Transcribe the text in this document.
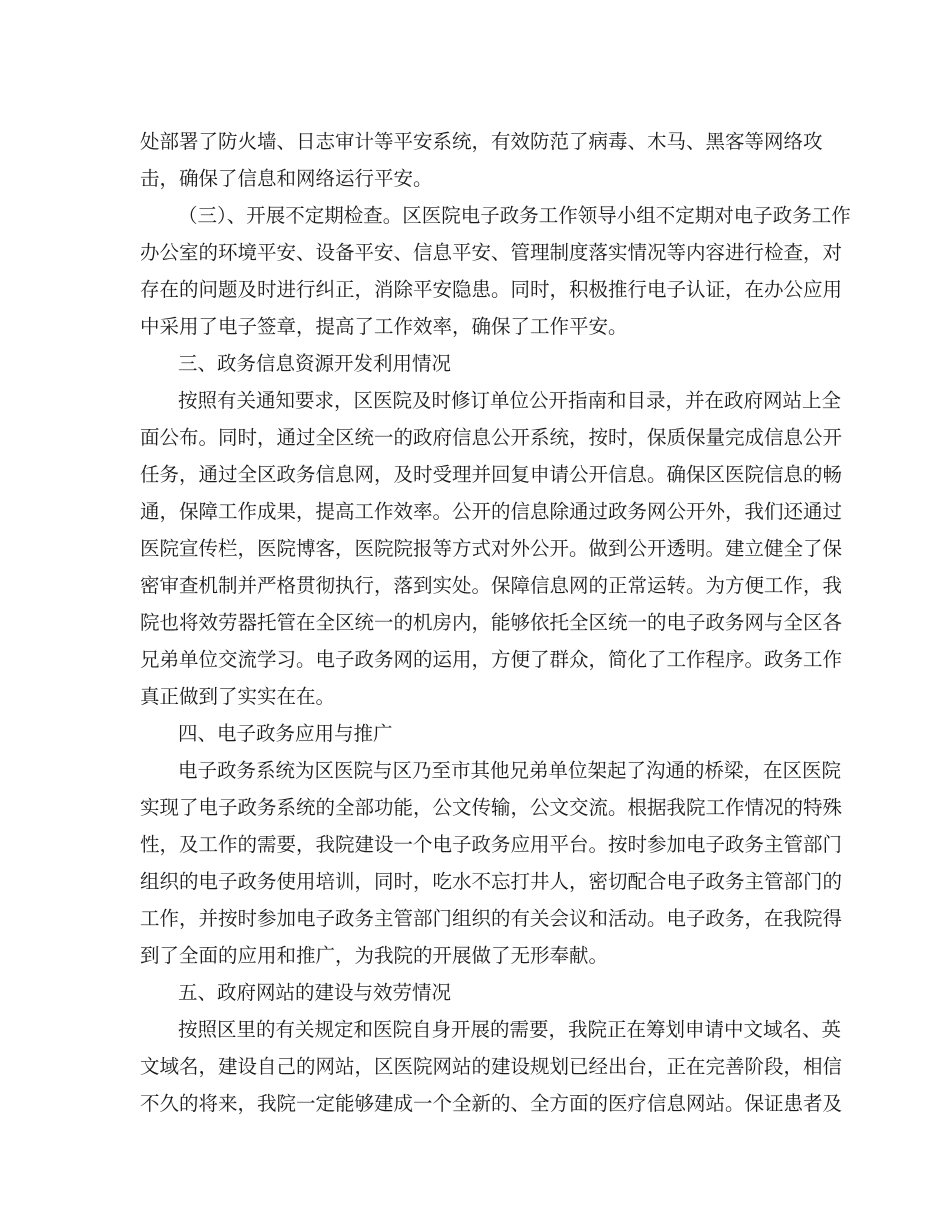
处部署了防火墙、日志审计等平安系统，有效防范了病毒、木马、黑客等网络攻
击，确保了信息和网络运行平安。
（三）、开展不定期检查。区医院电子政务工作领导小组不定期对电子政务工作
办公室的环境平安、设备平安、信息平安、管理制度落实情况等内容进行检查，对
存在的问题及时进行纠正，消除平安隐患。同时，积极推行电子认证，在办公应用
中采用了电子签章，提高了工作效率，确保了工作平安。
三、政务信息资源开发利用情况
按照有关通知要求，区医院及时修订单位公开指南和目录，并在政府网站上全
面公布。同时，通过全区统一的政府信息公开系统，按时，保质保量完成信息公开
任务，通过全区政务信息网，及时受理并回复申请公开信息。确保区医院信息的畅
通，保障工作成果，提高工作效率。公开的信息除通过政务网公开外，我们还通过
医院宣传栏，医院博客，医院院报等方式对外公开。做到公开透明。建立健全了保
密审查机制并严格贯彻执行，落到实处。保障信息网的正常运转。为方便工作，我
院也将效劳器托管在全区统一的机房内，能够依托全区统一的电子政务网与全区各
兄弟单位交流学习。电子政务网的运用，方便了群众，简化了工作程序。政务工作
真正做到了实实在在。
四、电子政务应用与推广
电子政务系统为区医院与区乃至市其他兄弟单位架起了沟通的桥梁，在区医院
实现了电子政务系统的全部功能，公文传输，公文交流。根据我院工作情况的特殊
性，及工作的需要，我院建设一个电子政务应用平台。按时参加电子政务主管部门
组织的电子政务使用培训，同时，吃水不忘打井人，密切配合电子政务主管部门的
工作，并按时参加电子政务主管部门组织的有关会议和活动。电子政务，在我院得
到了全面的应用和推广，为我院的开展做了无形奉献。
五、政府网站的建设与效劳情况
按照区里的有关规定和医院自身开展的需要，我院正在筹划申请中文域名、英
文域名，建设自己的网站，区医院网站的建设规划已经出台，正在完善阶段，相信
不久的将来，我院一定能够建成一个全新的、全方面的医疗信息网站。保证患者及
